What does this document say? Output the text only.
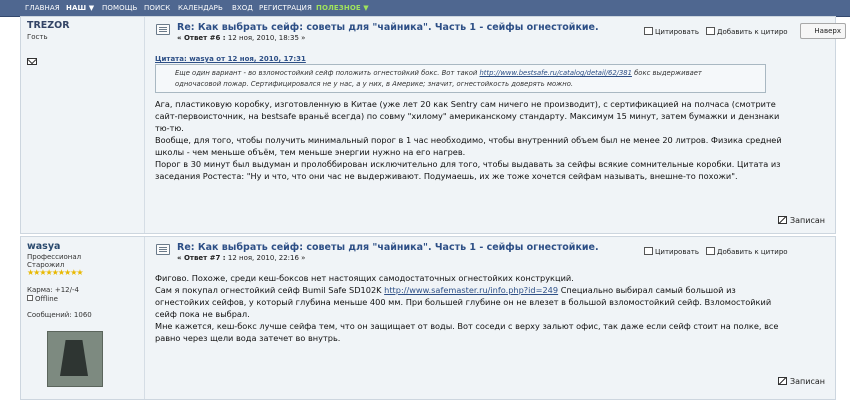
ГЛАВНАЯ НАШ ▼ ПОМОЩЬ ПОИСК КАЛЕНДАРЬ ВХОД РЕГИСТРАЦИЯ ПОЛЕЗНОЕ ▼
TREZOR
Гость
Re: Как выбрать сейф: советы для "чайника". Часть 1 - сейфы огнестойкие.
« Ответ #6 : 12 ноя, 2010, 18:35 »
Цитировать	Добавить к цитиро	Наверх
Цитата: wasya от 12 ноя, 2010, 17:31
Еще один вариант - во взломостойкий сейф положить огнестойкий бокс. Вот такой http://www.bestsafe.ru/catalog/detail/62/381 бокс выдерживает
одночасовой пожар. Сертифицировался не у нас, а у них, в Америке; значит, огнестойкость доверять можно.
Ага, пластиковую коробку, изготовленную в Китае (уже лет 20 как Sentry сам ничего не производит), с сертификацией на полчаса (смотрите
сайт-первоисточник, на bestsafe враньё всегда) по совму "хилому" американскому стандарту. Максимум 15 минут, затем бумажки и дензнаки
тю-тю.
Вообще, для того, чтобы получить минимальный порог в 1 час необходимо, чтобы внутренний объем был не менее 20 литров. Физика средней
школы - чем меньше объём, тем меньше энергии нужно на его нагрев.
Порог в 30 минут был выдуман и пролоббирован исключительно для того, чтобы выдавать за сейфы всякие сомнительные коробки. Цитата из
заседания Ростеста: "Ну и что, что они час не выдерживают. Подумаешь, их же тоже хочется сейфам называть, внешне-то похожи".
Записан
wasya
Профессионал
Старожил
★★★★★★★★★
Карма: +12/-4
Offline
Сообщений: 1060
Re: Как выбрать сейф: советы для "чайника". Часть 1 - сейфы огнестойкие.
« Ответ #7 : 12 ноя, 2010, 22:16 »
Цитировать	Добавить к цитиро
Фигово. Похоже, среди кеш-боксов нет настоящих самодостаточных огнестойких конструкций.
Сам я покупал огнестойкий сейф Bumil Safe SD102K http://www.safemaster.ru/info.php?id=249 Специально выбирал самый большой из
огнестойких сейфов, у который глубина меньше 400 мм. При большей глубине он не влезет в большой взломостойкий сейф. Взломостойкий
сейф пока не выбрал.
Мне кажется, кеш-бокс лучше сейфа тем, что он защищает от воды. Вот соседи с верху зальют офис, так даже если сейф стоит на полке, все
равно через щели вода затечет во внутрь.
Записан
